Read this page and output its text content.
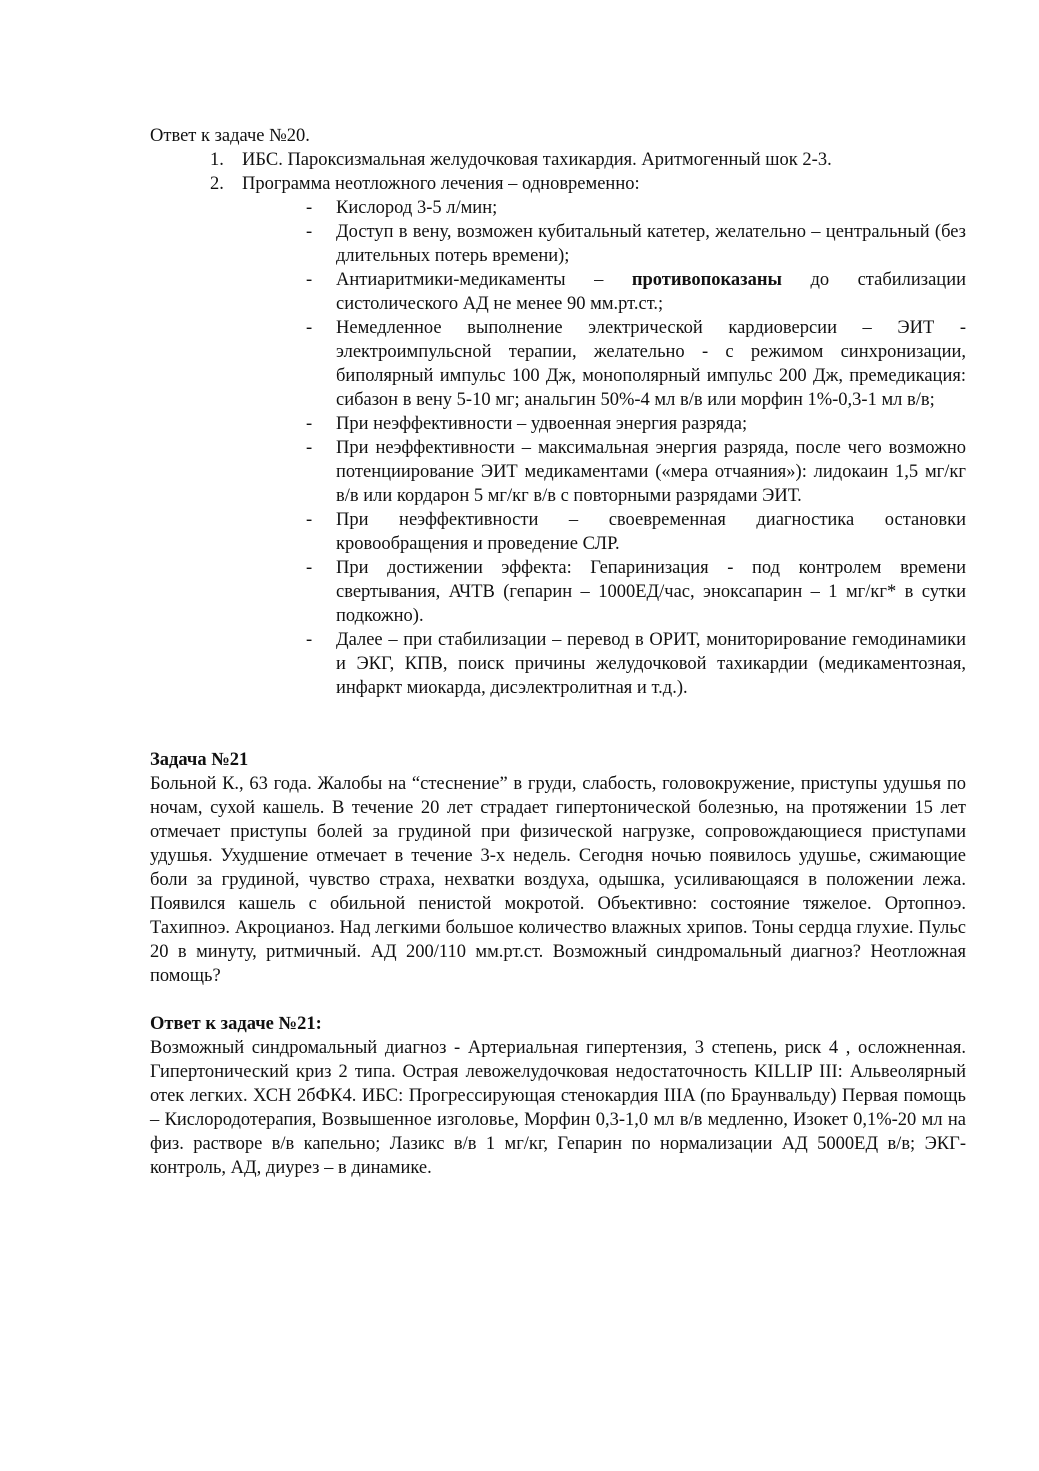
Ответ к задаче №20.

1. ИБС. Пароксизмальная желудочковая тахикардия. Аритмогенный шок 2-3.
2. Программа неотложного лечения – одновременно:
- Кислород 3-5 л/мин;
- Доступ в вену, возможен кубитальный катетер, желательно – центральный (без длительных потерь времени);
- Антиаритмики-медикаменты – противопоказаны до стабилизации систолического АД не менее 90 мм.рт.ст.;
- Немедленное выполнение электрической кардиоверсии – ЭИТ - электроимпульсной терапии, желательно - с режимом синхронизации, биполярный импульс 100 Дж, монополярный импульс 200 Дж, премедикация: сибазон в вену 5-10 мг; анальгин 50%-4 мл в/в или морфин 1%-0,3-1 мл в/в;
- При неэффективности – удвоенная энергия разряда;
- При неэффективности – максимальная энергия разряда, после чего возможно потенциирование ЭИТ медикаментами («мера отчаяния»): лидокаин 1,5 мг/кг в/в или кордарон 5 мг/кг в/в с повторными разрядами ЭИТ.
- При неэффективности – своевременная диагностика остановки кровообращения и проведение СЛР.
- При достижении эффекта: Гепаринизация - под контролем времени свертывания, АЧТВ (гепарин – 1000ЕД/час, эноксапарин – 1 мг/кг* в сутки подкожно).
- Далее – при стабилизации – перевод в ОРИТ, мониторирование гемодинамики и ЭКГ, КПВ, поиск причины желудочковой тахикардии (медикаментозная, инфаркт миокарда, дисэлектролитная и т.д.).

Задача №21

Больной К., 63 года. Жалобы на “стеснение” в груди, слабость, головокружение, приступы удушья по ночам, сухой кашель. В течение 20 лет страдает гипертонической болезнью, на протяжении 15 лет отмечает приступы болей за грудиной при физической нагрузке, сопровождающиеся приступами удушья. Ухудшение отмечает в течение 3-х недель. Сегодня ночью появилось удушье, сжимающие боли за грудиной, чувство страха, нехватки воздуха, одышка, усиливающаяся в положении лежа. Появился кашель с обильной пенистой мокротой. Объективно: состояние тяжелое. Ортопноэ. Тахипноэ. Акроцианоз. Над легкими большое количество влажных хрипов. Тоны сердца глухие. Пульс 20 в минуту, ритмичный. АД 200/110 мм.рт.ст. Возможный синдромальный диагноз? Неотложная помощь?

Ответ к задаче №21:

Возможный синдромальный диагноз - Артериальная гипертензия, 3 степень, риск 4 , осложненная. Гипертонический криз 2 типа. Острая левожелудочковая недостаточность KILLIP III: Альвеолярный отек легких. ХСН 2бФК4. ИБС: Прогрессирующая стенокардия IIIA (по Браунвальду) Первая помощь – Кислородотерапия, Возвышенное изголовье, Морфин 0,3-1,0 мл в/в медленно, Изокет 0,1%-20 мл на физ. растворе в/в капельно; Лазикс в/в 1 мг/кг, Гепарин по нормализации АД 5000ЕД в/в; ЭКГ-контроль, АД, диурез – в динамике.
